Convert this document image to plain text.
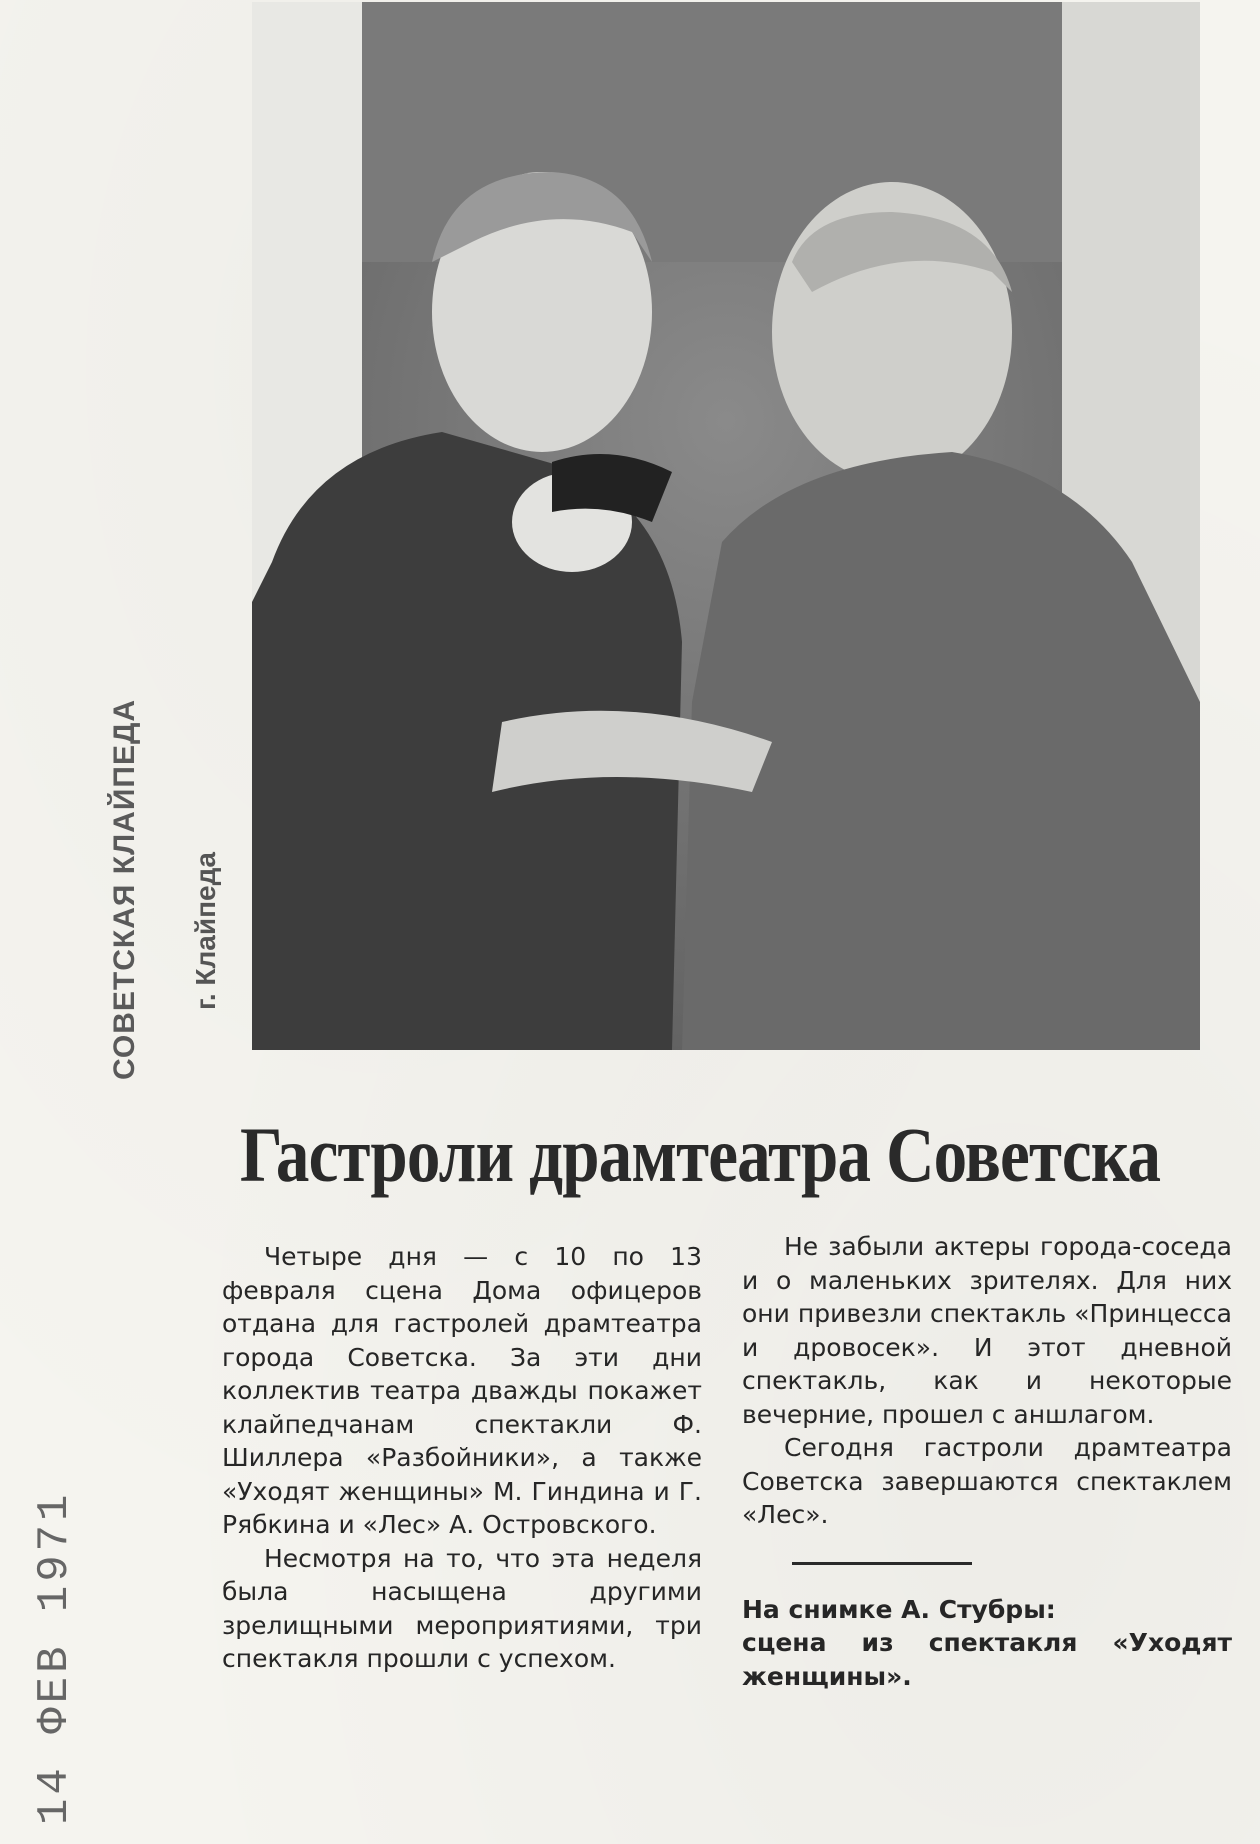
СОВЕТСКАЯ КЛАЙПЕДА г. Клайпеда
14 ФЕВ 1971
Гастроли драмтеатра Советска

Четыре дня — с 10 по 13 февраля сцена Дома офицеров отдана для гастролей драмтеатра города Советска. За эти дни коллектив театра дважды покажет клайпедчанам спектакли Ф. Шиллера «Разбойники», а также «Уходят женщины» М. Гиндина и Г. Рябкина и «Лес» А. Островского.

Несмотря на то, что эта неделя была насыщена другими зрелищными мероприятиями, три спектакля прошли с успехом.

Не забыли актеры города-соседа и о маленьких зрителях. Для них они привезли спектакль «Принцесса и дровосек». И этот дневной спектакль, как и некоторые вечерние, прошел с аншлагом.

Сегодня гастроли драмтеатра Советска завершаются спектаклем «Лес».

На снимке А. Стубры:
сцена из спектакля «Уходят женщины».
